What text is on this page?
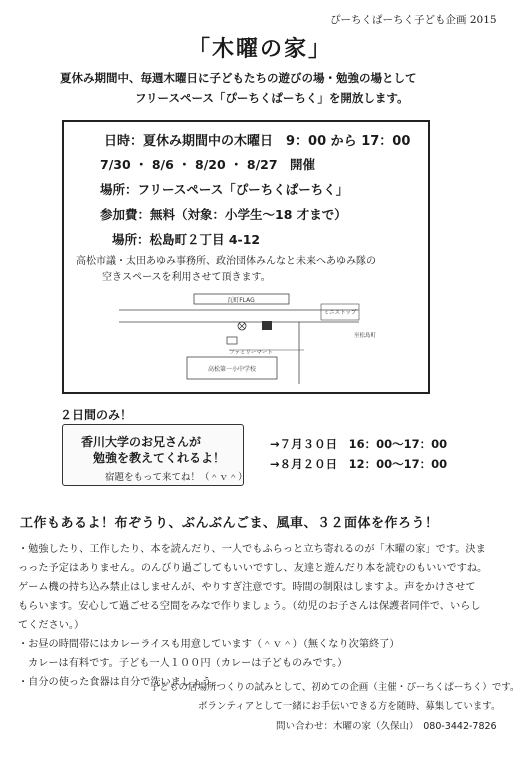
ぴーちくぱーちく子ども企画 2015
「木曜の家」
夏休み期間中、毎週木曜日に子どもたちの遊びの場・勉強の場として
フリースペース「ぴーちくぱーちく」を開放します。
日時：夏休み期間中の木曜日　9：00 から 17：00
7/30 ・ 8/6 ・ 8/20 ・ 8/27　開催
場所：フリースペース「ぴーちくぱーちく」
参加費：無料（対象：小学生～18 才まで）
場所：松島町２丁目 4-12
高松市議・太田あゆみ事務所、政治団体みんなと未来へあゆみ隊の
空きスペースを利用させて頂きます。
瓦町FLAG
ミニストップ
至松島町
ファミリーマート
高松第一小中学校
２日間のみ！
香川大学のお兄さんが
勉強を教えてくれるよ！
宿題をもって来てね！（＾ｖ＾）
→７月３０日　16：00～17：00
→８月２０日　12：00～17：00
工作もあるよ！布ぞうり、ぶんぶんごま、風車、３２面体を作ろう！

・勉強したり、工作したり、本を読んだり、一人でもふらっと立ち寄れるのが「木曜の家」です。決ま

っった予定はありません。のんびり過ごしてもいいですし、友達と遊んだり本を読むのもいいですね。

ゲーム機の持ち込み禁止はしませんが、やりすぎ注意です。時間の制限はしますよ。声をかけさせて

もらいます。安心して過ごせる空間をみなで作りましょう。（幼児のお子さんは保護者同伴で、いらし

てください。）

・お昼の時間帯にはカレーライスも用意しています（＾ｖ＾）（無くなり次第終了）

カレーは有料です。子ども一人１００円（カレーは子どものみです。）

・自分の使った食器は自分で洗いましょう。

子どもの居場所つくりの試みとして、初めての企画（主催・ぴーちくぱーちく）です。
ボランティアとして一緒にお手伝いできる方を随時、募集しています。
問い合わせ：木曜の家（久保山）　080-3442-7826
